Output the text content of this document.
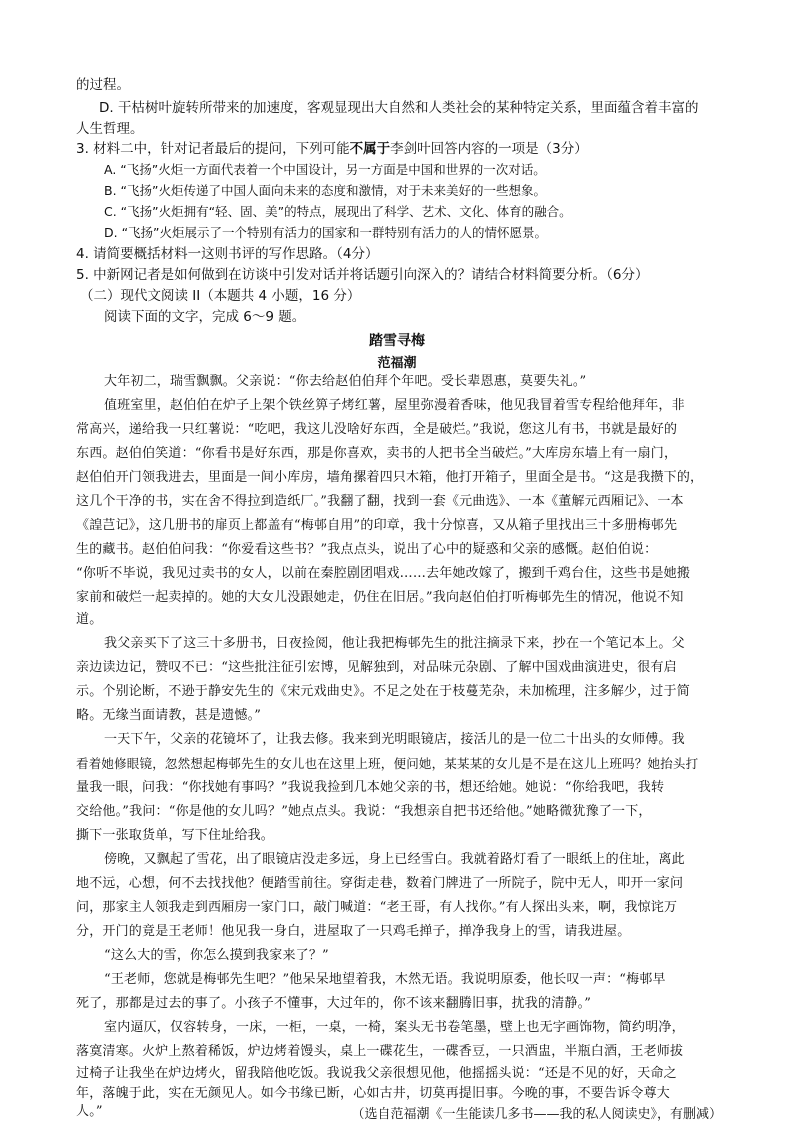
的过程。
D. 干枯树叶旋转所带来的加速度，客观显现出大自然和人类社会的某种特定关系，里面蕴含着丰富的
人生哲理。
3. 材料二中，针对记者最后的提问，下列可能不属于李剑叶回答内容的一项是（3分）
A. “飞扬”火炬一方面代表着一个中国设计，另一方面是中国和世界的一次对话。
B. “飞扬”火炬传递了中国人面向未来的态度和激情，对于未来美好的一些想象。
C. “飞扬”火炬拥有“轻、固、美”的特点，展现出了科学、艺术、文化、体育的融合。
D. “飞扬”火炬展示了一个特别有活力的国家和一群特别有活力的人的情怀愿景。
4. 请简要概括材料一这则书评的写作思路。（4分）
5. 中新网记者是如何做到在访谈中引发对话并将话题引向深入的？请结合材料简要分析。（6分）
（二）现代文阅读 II（本题共 4 小题，16 分）
阅读下面的文字，完成 6～9 题。
踏雪寻梅
范福潮
大年初二，瑞雪飘飘。父亲说：“你去给赵伯伯拜个年吧。受长辈恩惠，莫要失礼。”
值班室里，赵伯伯在炉子上架个铁丝箅子烤红薯，屋里弥漫着香味，他见我冒着雪专程给他拜年，非
常高兴，递给我一只红薯说：“吃吧，我这儿没啥好东西，全是破烂。”我说，您这儿有书，书就是最好的
东西。赵伯伯笑道：“你看书是好东西，那是你喜欢，卖书的人把书全当破烂。”大库房东墙上有一扇门，
赵伯伯开门领我进去，里面是一间小库房，墙角摞着四只木箱，他打开箱子，里面全是书。“这是我攒下的，
这几个干净的书，实在舍不得拉到造纸厂。”我翻了翻，找到一套《元曲选》、一本《董解元西厢记》、一本
《諻芑记》，这几册书的扉页上都盖有“梅邨自用”的印章，我十分惊喜，又从箱子里找出三十多册梅邨先
生的藏书。赵伯伯问我：“你爱看这些书？”我点点头，说出了心中的疑惑和父亲的感慨。赵伯伯说：
“你听不毕说，我见过卖书的女人，以前在秦腔剧团唱戏……去年她改嫁了，搬到千鸡台住，这些书是她搬
家前和破烂一起卖掉的。她的大女儿没跟她走，仍住在旧居。”我向赵伯伯打听梅邨先生的情况，他说不知
道。
我父亲买下了这三十多册书，日夜捡阅，他让我把梅邨先生的批注摘录下来，抄在一个笔记本上。父
亲边读边记，赞叹不已：“这些批注征引宏博，见解独到，对品味元杂剧、了解中国戏曲演进史，很有启
示。个别论断，不逊于静安先生的《宋元戏曲史》。不足之处在于枝蔓芜杂，未加梳理，注多解少，过于简
略。无缘当面请教，甚是遗憾。”
一天下午，父亲的花镜坏了，让我去修。我来到光明眼镜店，接活儿的是一位二十出头的女师傅。我
看着她修眼镜，忽然想起梅邨先生的女儿也在这里上班，便问她，某某某的女儿是不是在这儿上班吗？她抬头打
量我一眼，问我：“你找她有事吗？”我说我捡到几本她父亲的书，想还给她。她说：“你给我吧，我转
交给他。”我问：“你是他的女儿吗？”她点点头。我说：“我想亲自把书还给他。”她略微犹豫了一下，
撕下一张取货单，写下住址给我。
傍晚，又飘起了雪花，出了眼镜店没走多远，身上已经雪白。我就着路灯看了一眼纸上的住址，离此
地不远，心想，何不去找找他？便踏雪前往。穿街走巷，数着门牌进了一所院子，院中无人，叩开一家问
问，那家主人领我走到西厢房一家门口，敲门喊道：“老王哥，有人找你。”有人探出头来，啊，我惊诧万
分，开门的竟是王老师！他见我一身白，进屋取了一只鸡毛掸子，掸净我身上的雪，请我进屋。
“这么大的雪，你怎么摸到我家来了？”
“王老师，您就是梅邨先生吧？”他呆呆地望着我，木然无语。我说明原委，他长叹一声：“梅邨早
死了，那都是过去的事了。小孩子不懂事，大过年的，你不该来翻腾旧事，扰我的清静。”
室内逼仄，仅容转身，一床，一柜，一桌，一椅，案头无书卷笔墨，壁上也无字画饰物，简约明净，
落寞清寒。火炉上熬着稀饭，炉边烤着馒头，桌上一碟花生，一碟香豆，一只酒盅，半瓶白酒，王老师拔
过椅子让我坐在炉边烤火，留我陪他吃饭。我说我父亲很想见他，他摇摇头说：“还是不见的好，天命之
年，落魄于此，实在无颜见人。如今书缘已断，心如古井，切莫再提旧事。今晚的事，不要告诉令尊大
人。”	（选自范福潮《一生能读几多书——我的私人阅读史》，有删减）
